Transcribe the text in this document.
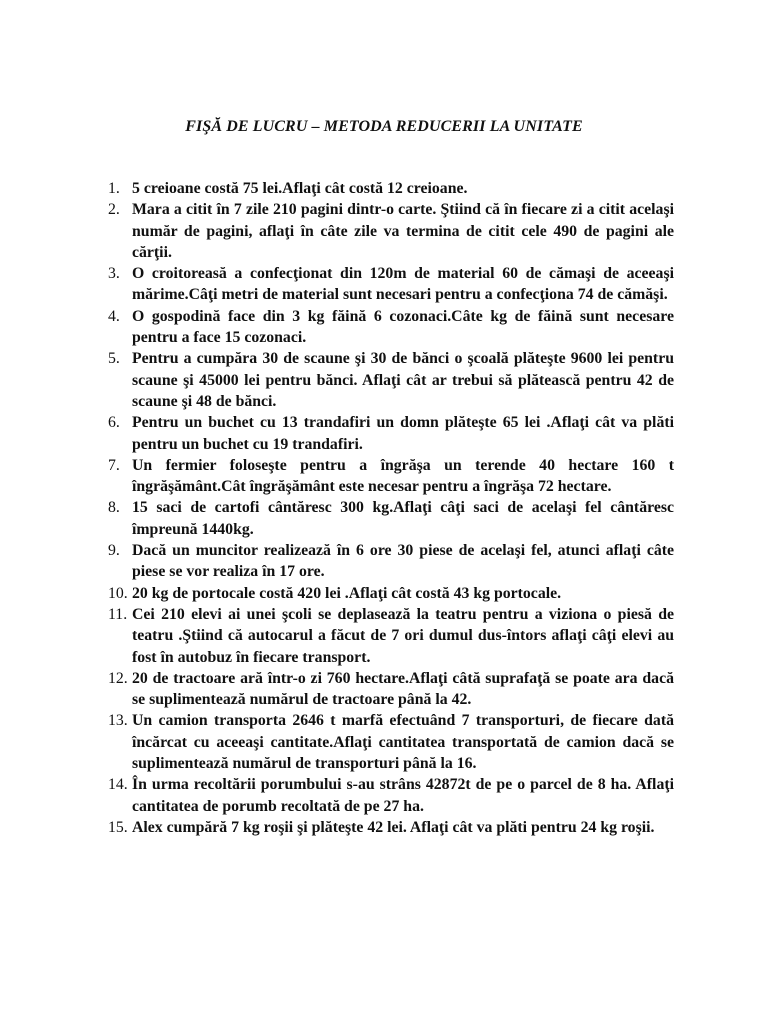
FIŞĂ DE LUCRU – METODA REDUCERII LA UNITATE
1. 5 creioane costă 75 lei.Aflaţi cât costă 12 creioane.
2. Mara a citit în 7 zile 210 pagini dintr-o carte. Ştiind că în fiecare zi a citit acelaşi număr de pagini, aflaţi în câte zile va termina de citit cele 490 de pagini ale cărţii.
3. O croitoreasă a confecţionat din 120m de material 60 de cămaşi de aceeaşi mărime.Câţi metri de material sunt necesari pentru a confecţiona 74 de cămăşi.
4. O gospodină face din 3 kg făină 6 cozonaci.Câte kg de făină sunt necesare pentru a face 15 cozonaci.
5. Pentru a cumpăra 30 de scaune şi 30 de bănci o şcoală plăteşte 9600 lei pentru scaune şi 45000 lei pentru bănci. Aflaţi cât ar trebui să plătească pentru 42 de scaune şi 48 de bănci.
6. Pentru un buchet cu 13 trandafiri un domn plăteşte 65 lei .Aflaţi cât va plăti pentru un buchet cu 19 trandafiri.
7. Un fermier foloseşte pentru a îngrăşa un terende 40 hectare 160 t îngrăşământ.Cât îngrăşământ este necesar pentru a îngrăşa 72 hectare.
8. 15 saci de cartofi cântăresc 300 kg.Aflaţi câţi saci de acelaşi fel cântăresc împreună 1440kg.
9. Dacă un muncitor realizează în 6 ore 30 piese de acelaşi fel, atunci aflaţi câte piese se vor realiza în 17 ore.
10. 20 kg de portocale costă 420 lei .Aflaţi cât costă 43 kg portocale.
11. Cei 210 elevi ai unei şcoli se deplasează la teatru pentru a viziona o piesă de teatru .Ştiind că autocarul a făcut de 7 ori dumul dus-întors aflaţi câţi elevi au fost în autobuz în fiecare transport.
12. 20 de tractoare ară într-o zi 760 hectare.Aflaţi câtă suprafaţă se poate ara dacă se suplimentează numărul de tractoare până la 42.
13. Un camion transporta 2646 t marfă efectuând 7 transporturi, de fiecare dată încărcat cu aceeaşi cantitate.Aflaţi cantitatea transportată de camion dacă se suplimentează numărul de transporturi până la 16.
14. În urma recoltării porumbului s-au strâns 42872t de pe o parcel de 8 ha. Aflaţi cantitatea de porumb recoltată de pe 27 ha.
15. Alex cumpără 7 kg roşii şi plăteşte 42 lei. Aflaţi cât va plăti pentru 24 kg roşii.
